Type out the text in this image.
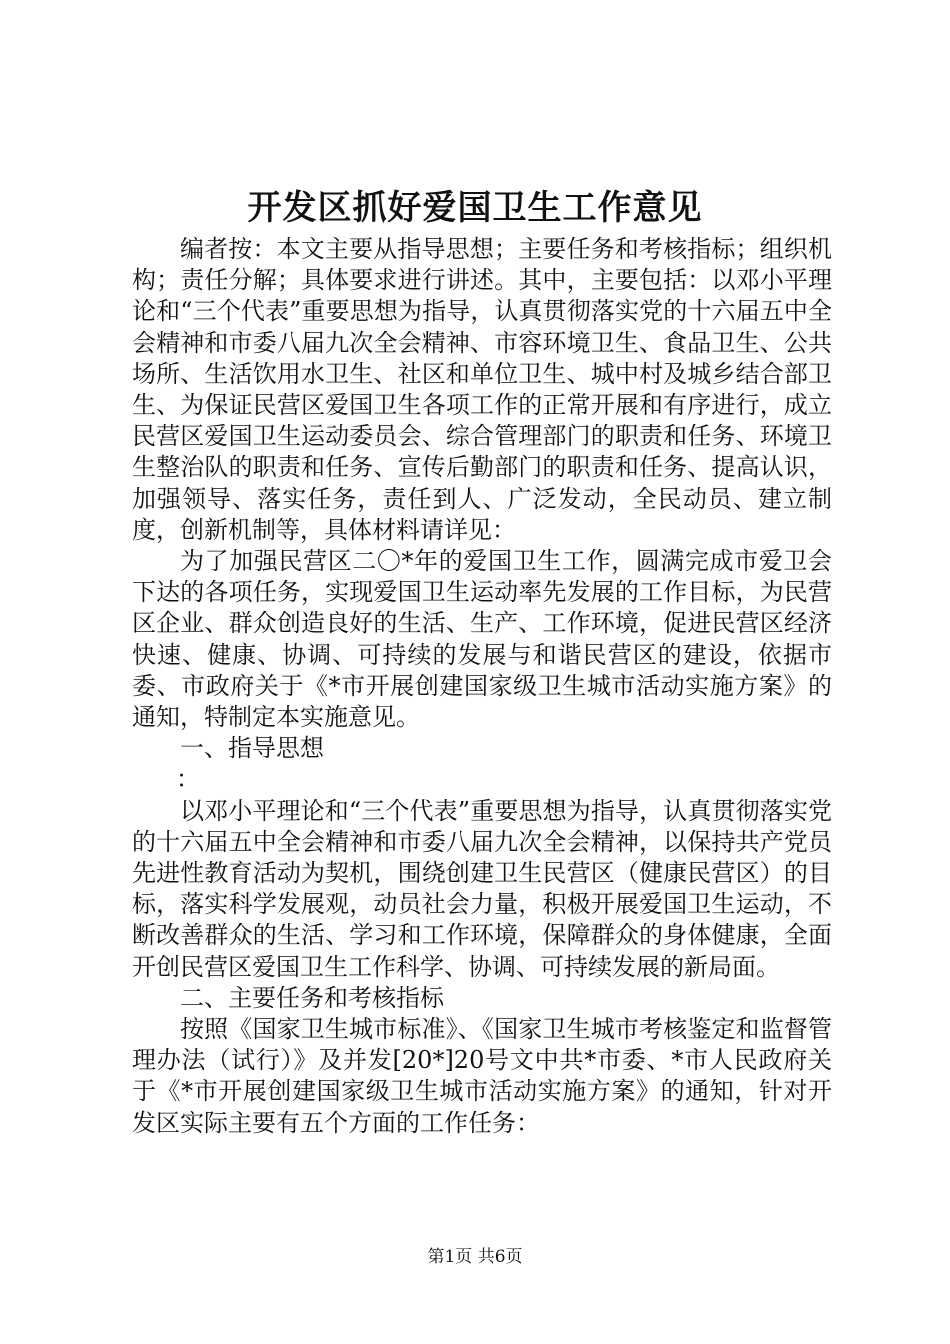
开发区抓好爱国卫生工作意见

编者按：本文主要从指导思想；主要任务和考核指标；组织机构；责任分解；具体要求进行讲述。其中，主要包括：以邓小平理论和“三个代表”重要思想为指导，认真贯彻落实党的十六届五中全会精神和市委八届九次全会精神、市容环境卫生、食品卫生、公共场所、生活饮用水卫生、社区和单位卫生、城中村及城乡结合部卫生、为保证民营区爱国卫生各项工作的正常开展和有序进行，成立民营区爱国卫生运动委员会、综合管理部门的职责和任务、环境卫生整治队的职责和任务、宣传后勤部门的职责和任务、提高认识，加强领导、落实任务，责任到人、广泛发动，全民动员、建立制度，创新机制等，具体材料请详见：

为了加强民营区二〇*年的爱国卫生工作，圆满完成市爱卫会下达的各项任务，实现爱国卫生运动率先发展的工作目标，为民营区企业、群众创造良好的生活、生产、工作环境，促进民营区经济快速、健康、协调、可持续的发展与和谐民营区的建设，依据市委、市政府关于《*市开展创建国家级卫生城市活动实施方案》的通知，特制定本实施意见。

一、指导思想

：

以邓小平理论和“三个代表”重要思想为指导，认真贯彻落实党的十六届五中全会精神和市委八届九次全会精神，以保持共产党员先进性教育活动为契机，围绕创建卫生民营区（健康民营区）的目标，落实科学发展观，动员社会力量，积极开展爱国卫生运动，不断改善群众的生活、学习和工作环境，保障群众的身体健康，全面开创民营区爱国卫生工作科学、协调、可持续发展的新局面。

二、主要任务和考核指标

按照《国家卫生城市标准》、《国家卫生城市考核鉴定和监督管理办法（试行）》及并发[20*]20号文中共*市委、*市人民政府关于《*市开展创建国家级卫生城市活动实施方案》的通知，针对开发区实际主要有五个方面的工作任务：

第1页 共6页
